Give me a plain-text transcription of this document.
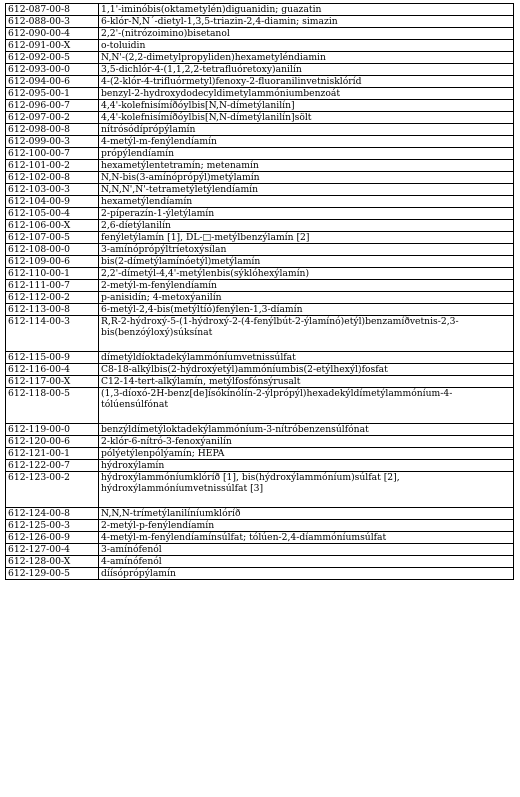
612-087-00-8	1,1'-iminóbis(oktametylén)diguanidin; guazatin
612-088-00-3	6-klór-N,N´-dietyl-1,3,5-triazin-2,4-diamin; simazin
612-090-00-4	2,2'-(nitrózoimino)bisetanol
612-091-00-X	o-toluidin
612-092-00-5	N,N'-(2,2-dimetylpropyliden)hexametyléndiamin
612-093-00-0	3,5-dichlór-4-(1,1,2,2-tetrafluóretoxy)anilín
612-094-00-6	4-(2-klór-4-trifluórmetyl)fenoxy-2-fluoranilinvetnisklóríd
612-095-00-1	benzyl-2-hydroxydodecyldimetylammóniumbenzoát
612-096-00-7	4,4'-kolefnisímíðóylbis[N,N-dímetýlanilín]
612-097-00-2	4,4'-kolefnisímíðóylbis[N,N-dímetýlanilín]sölt
612-098-00-8	nítrósódíprópýlamín
612-099-00-3	4-metýl-m-fenýlendíamín
612-100-00-7	própýlendíamín
612-101-00-2	hexametýlentetramín; metenamín
612-102-00-8	N,N-bis(3-amínóprópýl)metýlamín
612-103-00-3	N,N,N',N'-tetrametýletýlendíamín
612-104-00-9	hexametýlendíamín
612-105-00-4	2-píperazín-1-ýletýlamín
612-106-00-X	2,6-díetýlanilín
612-107-00-5	fenýletýlamín [1], DL-□-metýlbenzýlamín [2]
612-108-00-0	3-amínóprópýltríetoxýsílan
612-109-00-6	bis(2-dímetýlamínóetýl)metýlamín
612-110-00-1	2,2'-dímetýl-4,4'-metýlenbis(sýklóhexýlamín)
612-111-00-7	2-metýl-m-fenýlendíamín
612-112-00-2	p-anisidín; 4-metoxýanilín
612-113-00-8	6-metýl-2,4-bis(metýltíó)fenýlen-1,3-díamín
612-114-00-3	R,R-2-hýdroxý-5-(1-hýdroxý-2-(4-fenýlbút-2-ýlamínó)etýl)benzamíðvetnis-2,3-bis(benzóýloxý)súksínat
612-115-00-9	dímetýldíoktadekýlammóníumvetnissúlfat
612-116-00-4	C8-18-alkýlbis(2-hýdroxýetýl)ammóníumbis(2-etýlhexýl)fosfat
612-117-00-X	C12-14-tert-alkýlamín, metýlfosfónsýrusalt
612-118-00-5	(1,3-díoxó-2H-benz[de]ísókínólín-2-ýlprópýl)hexadekýldímetýlammóníum-4-tólúensúlfónat
612-119-00-0	benzýldímetýloktadekýlammóníum-3-nítróbenzensúlfónat
612-120-00-6	2-klór-6-nítró-3-fenoxýanilín
612-121-00-1	pólýetýlenpólýamín; HEPA
612-122-00-7	hýdroxýlamín
612-123-00-2	hýdroxýlammóníumklóríð [1], bis(hýdroxýlammóníum)súlfat [2], hýdroxýlammóníumvetnissúlfat [3]
612-124-00-8	N,N,N-trímetýlanilíníumklóríð
612-125-00-3	2-metýl-p-fenýlendíamín
612-126-00-9	4-metýl-m-fenýlendíamínsúlfat; tólúen-2,4-díammóníumsúlfat
612-127-00-4	3-amínófenól
612-128-00-X	4-amínófenól
612-129-00-5	díísóprópýlamín
